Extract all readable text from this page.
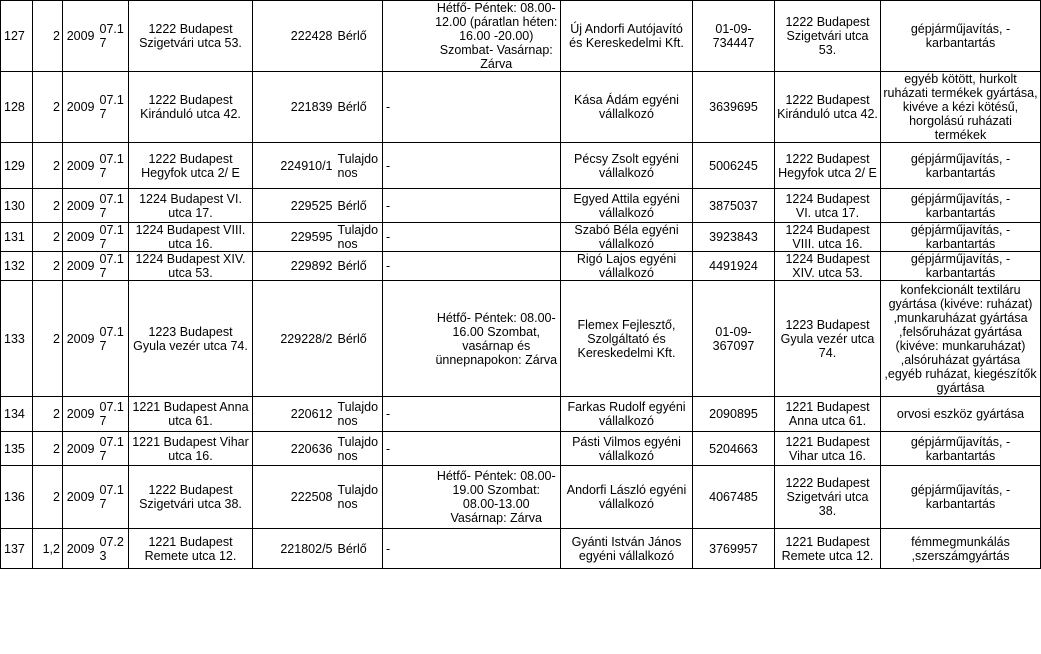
127	2	2009	07.17	1222 Budapest Szigetvári utca 53.	222428	Bérlő		Hétfő- Péntek: 08.00-12.00 (páratlan héten: 16.00 -20.00) Szombat- Vasárnap: Zárva	Új Andorfi Autójavító és Kereskedelmi Kft.	01-09-734447	1222 Budapest Szigetvári utca 53.	gépjárműjavítás, -karbantartás
128	2	2009	07.17	1222 Budapest Kiránduló utca 42.	221839	Bérlő	-		Kása Ádám egyéni vállalkozó	3639695	1222 Budapest Kiránduló utca 42.	egyéb kötött, hurkolt ruházati termékek gyártása, kivéve a kézi kötésű, horgolású ruházati termékek
129	2	2009	07.17	1222 Budapest Hegyfok utca 2/ E	224910/1	Tulajdonos	-		Pécsy Zsolt egyéni vállalkozó	5006245	1222 Budapest Hegyfok utca 2/ E	gépjárműjavítás, -karbantartás
130	2	2009	07.17	1224 Budapest VI. utca 17.	229525	Bérlő	-		Egyed Attila egyéni vállalkozó	3875037	1224 Budapest VI. utca 17.	gépjárműjavítás, -karbantartás
131	2	2009	07.17	1224 Budapest VIII. utca 16.	229595	Tulajdonos	-		Szabó Béla egyéni vállalkozó	3923843	1224 Budapest VIII. utca 16.	gépjárműjavítás, -karbantartás
132	2	2009	07.17	1224 Budapest XIV. utca 53.	229892	Bérlő	-		Rigó Lajos egyéni vállalkozó	4491924	1224 Budapest XIV. utca 53.	gépjárműjavítás, -karbantartás
133	2	2009	07.17	1223 Budapest Gyula vezér utca 74.	229228/2	Bérlő		Hétfő- Péntek: 08.00-16.00 Szombat, vasárnap és ünnepnapokon: Zárva	Flemex Fejlesztő, Szolgáltató és Kereskedelmi Kft.	01-09-367097	1223 Budapest Gyula vezér utca 74.	konfekcionált textiláru gyártása (kivéve: ruházat) ,munkaruházat gyártása ,felsőruházat gyártása (kivéve: munkaruházat) ,alsóruházat gyártása ,egyéb ruházat, kiegészítők gyártása
134	2	2009	07.17	1221 Budapest Anna utca 61.	220612	Tulajdonos	-		Farkas Rudolf egyéni vállalkozó	2090895	1221 Budapest Anna utca 61.	orvosi eszköz gyártása
135	2	2009	07.17	1221 Budapest Vihar utca 16.	220636	Tulajdonos	-		Pásti Vilmos egyéni vállalkozó	5204663	1221 Budapest Vihar utca 16.	gépjárműjavítás, -karbantartás
136	2	2009	07.17	1222 Budapest Szigetvári utca 38.	222508	Tulajdonos		Hétfő- Péntek: 08.00-19.00 Szombat: 08.00-13.00 Vasárnap: Zárva	Andorfi László egyéni vállalkozó	4067485	1222 Budapest Szigetvári utca 38.	gépjárműjavítás, -karbantartás
137	1,2	2009	07.23	1221 Budapest Remete utca 12.	221802/5	Bérlő	-		Gyánti István János egyéni vállalkozó	3769957	1221 Budapest Remete utca 12.	fémmegmunkálás ,szerszámgyártás
